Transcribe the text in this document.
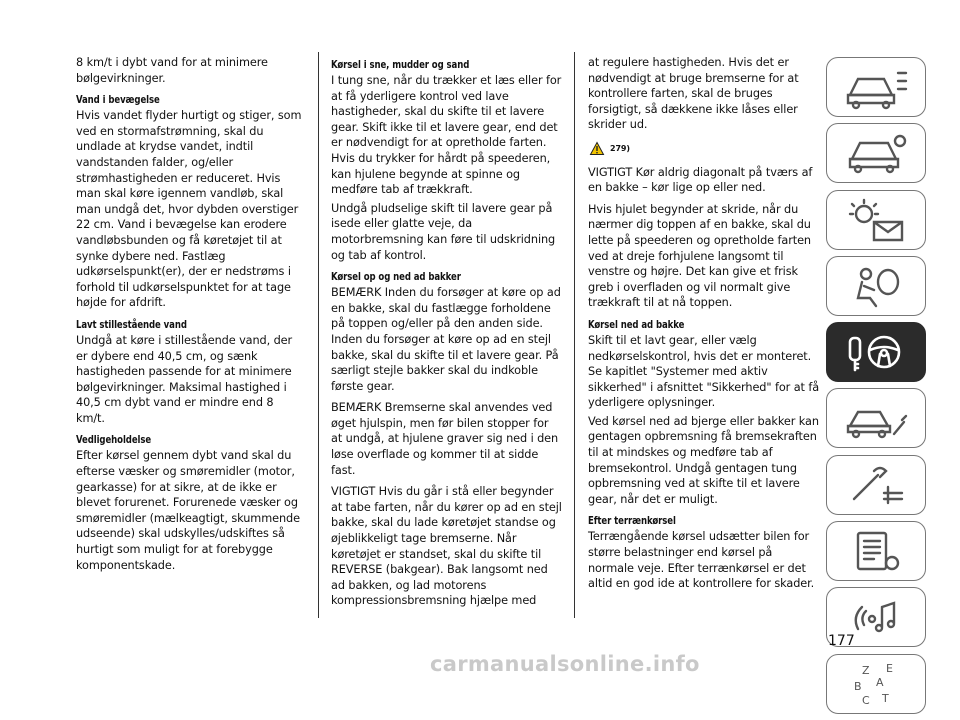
8 km/t i dybt vand for at minimere bølgevirkninger.

Vand i bevægelse

Hvis vandet flyder hurtigt og stiger, som ved en stormafstrømning, skal du undlade at krydse vandet, indtil vandstanden falder, og/eller strømhastigheden er reduceret. Hvis man skal køre igennem vandløb, skal man undgå det, hvor dybden overstiger 22 cm. Vand i bevægelse kan erodere vandløbsbunden og få køretøjet til at synke dybere ned. Fastlæg udkørselspunkt(er), der er nedstrøms i forhold til udkørselspunktet for at tage højde for afdrift.

Lavt stillestående vand

Undgå at køre i stillestående vand, der er dybere end 40,5 cm, og sænk hastigheden passende for at minimere bølgevirkninger. Maksimal hastighed i 40,5 cm dybt vand er mindre end 8 km/t.

Vedligeholdelse

Efter kørsel gennem dybt vand skal du efterse væsker og smøremidler (motor, gearkasse) for at sikre, at de ikke er blevet forurenet. Forurenede væsker og smøremidler (mælkeagtigt, skummende udseende) skal udskylles/udskiftes så hurtigt som muligt for at forebygge komponentskade.

Kørsel i sne, mudder og sand

I tung sne, når du trækker et læs eller for at få yderligere kontrol ved lave hastigheder, skal du skifte til et lavere gear. Skift ikke til et lavere gear, end det er nødvendigt for at opretholde farten. Hvis du trykker for hårdt på speederen, kan hjulene begynde at spinne og medføre tab af trækkraft.

Undgå pludselige skift til lavere gear på isede eller glatte veje, da motorbremsning kan føre til udskridning og tab af kontrol.

Kørsel op og ned ad bakker

BEMÆRK Inden du forsøger at køre op ad en bakke, skal du fastlægge forholdene på toppen og/eller på den anden side. Inden du forsøger at køre op ad en stejl bakke, skal du skifte til et lavere gear. På særligt stejle bakker skal du indkoble første gear.

BEMÆRK Bremserne skal anvendes ved øget hjulspin, men før bilen stopper for at undgå, at hjulene graver sig ned i den løse overflade og kommer til at sidde fast.

VIGTIGT Hvis du går i stå eller begynder at tabe farten, når du kører op ad en stejl bakke, skal du lade køretøjet standse og øjeblikkeligt tage bremserne. Når køretøjet er standset, skal du skifte til REVERSE (bakgear). Bak langsomt ned ad bakken, og lad motorens kompressionsbremsning hjælpe med

at regulere hastigheden. Hvis det er nødvendigt at bruge bremserne for at kontrollere farten, skal de bruges forsigtigt, så dækkene ikke låses eller skrider ud.

279)

VIGTIGT Kør aldrig diagonalt på tværs af en bakke – kør lige op eller ned.

Hvis hjulet begynder at skride, når du nærmer dig toppen af en bakke, skal du lette på speederen og opretholde farten ved at dreje forhjulene langsomt til venstre og højre. Det kan give et frisk greb i overfladen og vil normalt give trækkraft til at nå toppen.

Kørsel ned ad bakke

Skift til et lavt gear, eller vælg nedkørselskontrol, hvis det er monteret. Se kapitlet "Systemer med aktiv sikkerhed" i afsnittet "Sikkerhed" for at få yderligere oplysninger.

Ved kørsel ned ad bjerge eller bakker kan gentagen opbremsning få bremsekraften til at mindskes og medføre tab af bremsekontrol. Undgå gentagen tung opbremsning ved at skifte til et lavere gear, når det er muligt.

Efter terrænkørsel

Terrængående kørsel udsætter bilen for større belastninger end kørsel på normale veje. Efter terrænkørsel er det altid en god ide at kontrollere for skader.

Z E
B A
C T
177
carmanualsonline.info
